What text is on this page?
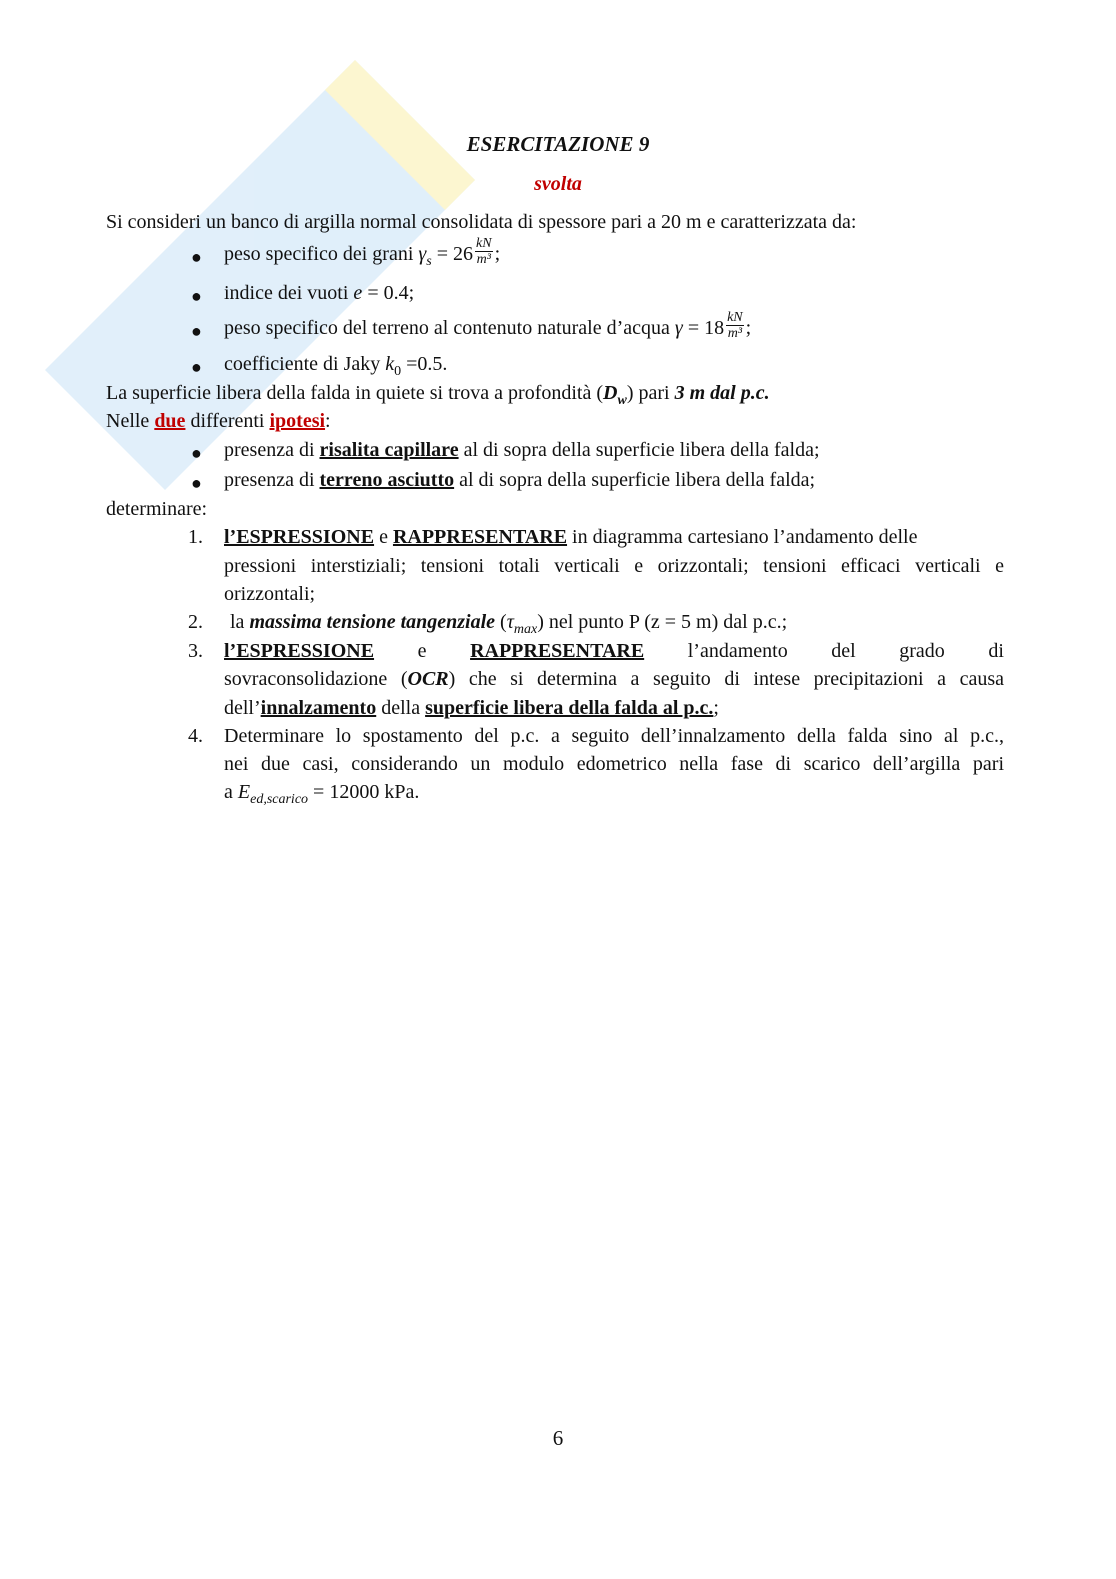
ESERCITAZIONE 9
svolta
Si consideri un banco di argilla normal consolidata di spessore pari a 20 m e caratterizzata da:
● peso specifico dei grani $\gamma_s = 26 \frac{kN}{\text{m³}}$ ;
● indice dei vuoti e = 0.4;
● peso specifico del terreno al contenuto naturale d’acqua $\gamma = 18 \frac{kN}{\text{m³}}$ ;
● coefficiente di Jaky $k_0 =0.5$.
La superficie libera della falda in quiete si trova a profondità $(D_w)$ pari 3 m dal p.c.
Nelle due differenti ipotesi:
● presenza di risalita capillare al di sopra della superficie libera della falda;
● presenza di terreno asciutto al di sopra della superficie libera della falda;
determinare:
1. l’ESPRESSIONE e RAPPRESENTARE in diagramma cartesiano l’andamento delle
pressioni interstiziali; tensioni totali verticali e orizzontali; tensioni efficaci verticali e
orizzontali;
2. la massima tensione tangenziale $(\tau_{max})$ nel punto P (z = 5 m) dal p.c.;
3. l’ESPRESSIONE e RAPPRESENTARE l’andamento del grado di
sovraconsolidazione (OCR) che si determina a seguito di intese precipitazioni a causa
dell’innalzamento della superficie libera della falda al p.c.;
4. Determinare lo spostamento del p.c. a seguito dell’innalzamento della falda sino al p.c.,
nei due casi, considerando un modulo edometrico nella fase di scarico dell’argilla pari
a $E_{ed,scarico} = 12000$ kPa.
6
